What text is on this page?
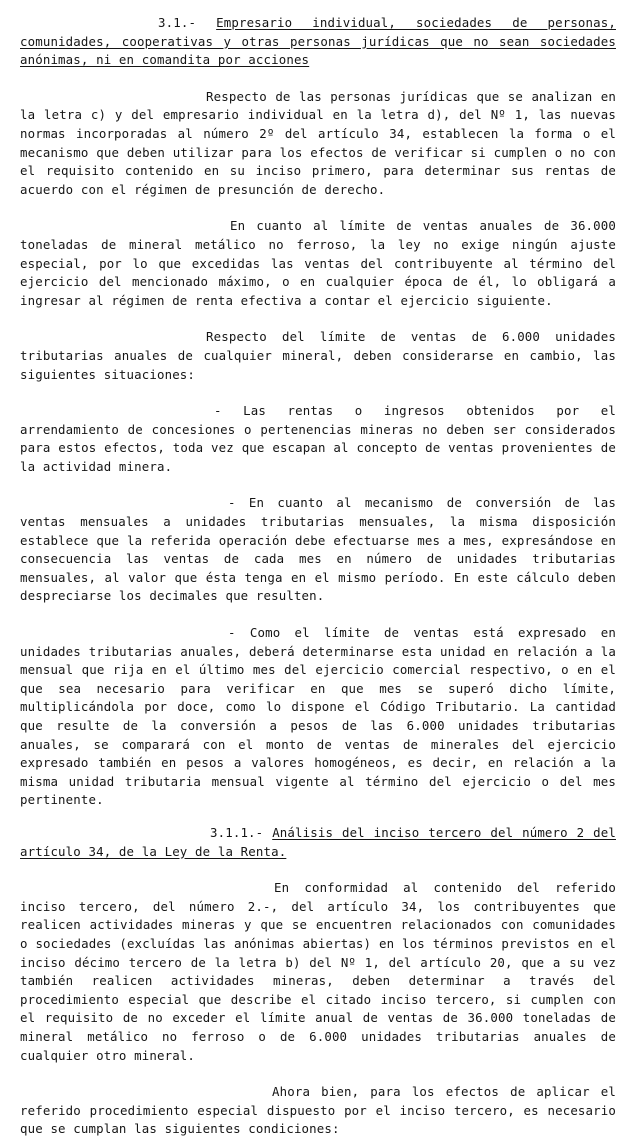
3.1.- Empresario individual, sociedades de personas, comunidades, cooperativas y otras personas jurídicas que no sean sociedades anónimas, ni en comandita por acciones

Respecto de las personas jurídicas que se analizan en la letra c) y del empresario individual en la letra d), del Nº 1, las nuevas normas incorporadas al número 2º del artículo 34, establecen la forma o el mecanismo que deben utilizar para los efectos de verificar si cumplen o no con el requisito contenido en su inciso primero, para determinar sus rentas de acuerdo con el régimen de presunción de derecho.

En cuanto al límite de ventas anuales de 36.000 toneladas de mineral metálico no ferroso, la ley no exige ningún ajuste especial, por lo que excedidas las ventas del contribuyente al término del ejercicio del mencionado máximo, o en cualquier época de él, lo obligará a ingresar al régimen de renta efectiva a contar el ejercicio siguiente.

Respecto del límite de ventas de 6.000 unidades tributarias anuales de cualquier mineral, deben considerarse en cambio, las siguientes situaciones:

- Las rentas o ingresos obtenidos por el arrendamiento de concesiones o pertenencias mineras no deben ser considerados para estos efectos, toda vez que escapan al concepto de ventas provenientes de la actividad minera.

- En cuanto al mecanismo de conversión de las ventas mensuales a unidades tributarias mensuales, la misma disposición establece que la referida operación debe efectuarse mes a mes, expresándose en consecuencia las ventas de cada mes en número de unidades tributarias mensuales, al valor que ésta tenga en el mismo período. En este cálculo deben despreciarse los decimales que resulten.

- Como el límite de ventas está expresado en unidades tributarias anuales, deberá determinarse esta unidad en relación a la mensual que rija en el último mes del ejercicio comercial respectivo, o en el que sea necesario para verificar en que mes se superó dicho límite, multiplicándola por doce, como lo dispone el Código Tributario. La cantidad que resulte de la conversión a pesos de las 6.000 unidades tributarias anuales, se comparará con el monto de ventas de minerales del ejercicio expresado también en pesos a valores homogéneos, es decir, en relación a la misma unidad tributaria mensual vigente al término del ejercicio o del mes pertinente.

3.1.1.- Análisis del inciso tercero del número 2 del artículo 34, de la Ley de la Renta.

En conformidad al contenido del referido inciso tercero, del número 2.-, del artículo 34, los contribuyentes que realicen actividades mineras y que se encuentren relacionados con comunidades o sociedades (excluídas las anónimas abiertas) en los términos previstos en el inciso décimo tercero de la letra b) del Nº 1, del artículo 20, que a su vez también realicen actividades mineras, deben determinar a través del procedimiento especial que describe el citado inciso tercero, si cumplen con el requisito de no exceder el límite anual de ventas de 36.000 toneladas de mineral metálico no ferroso o de 6.000 unidades tributarias anuales de cualquier otro mineral.

Ahora bien, para los efectos de aplicar el referido procedimiento especial dispuesto por el inciso tercero, es necesario que se cumplan las siguientes condiciones:
